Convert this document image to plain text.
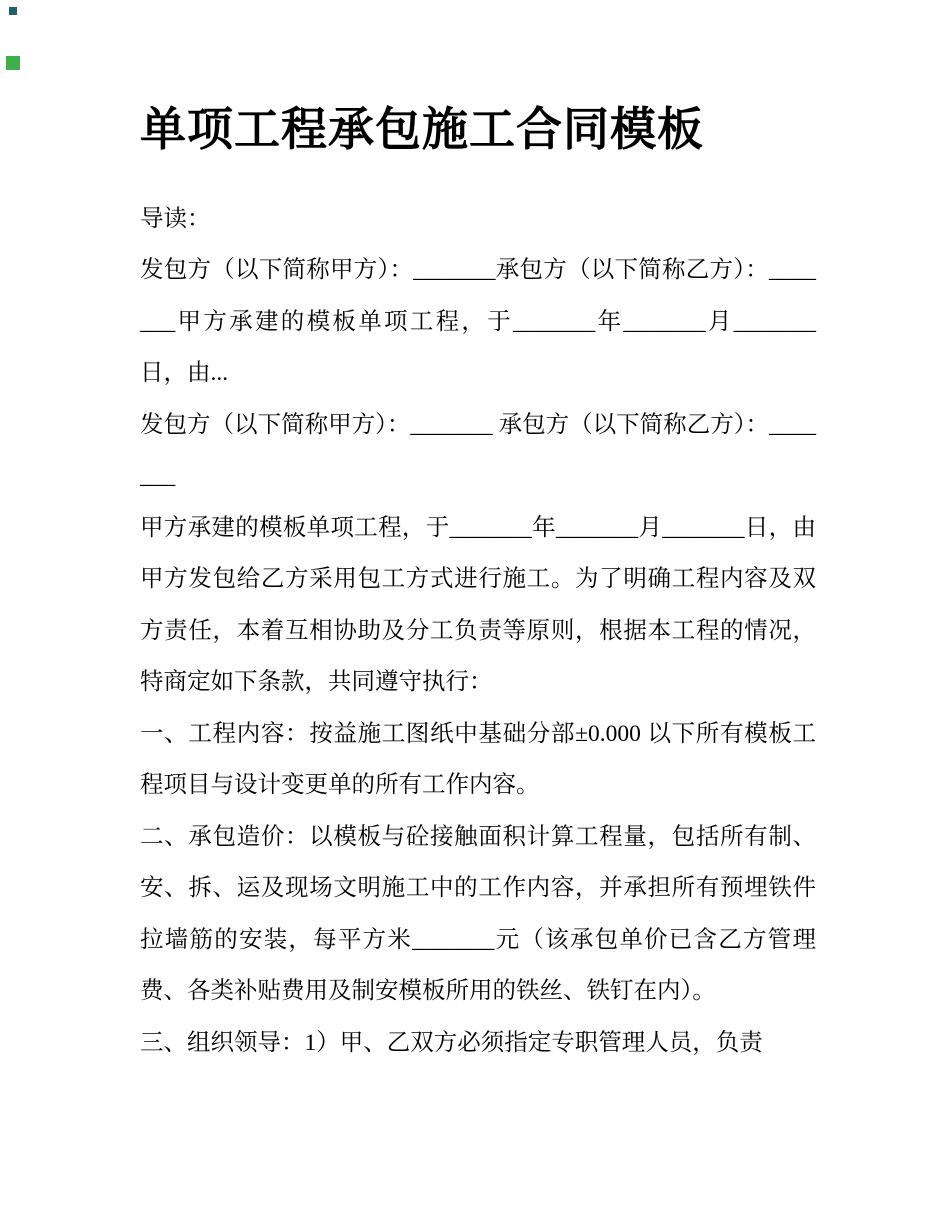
单项工程承包施工合同模板

导读：

发包方（以下简称甲方）：_______承包方（以下简称乙方）：_______甲方承建的模板单项工程，于_______年_______月_______日，由...

发包方（以下简称甲方）：_______ 承包方（以下简称乙方）：_______

甲方承建的模板单项工程，于_______年_______月_______日，由甲方发包给乙方采用包工方式进行施工。为了明确工程内容及双方责任，本着互相协助及分工负责等原则，根据本工程的情况，特商定如下条款，共同遵守执行：

一、工程内容：按益施工图纸中基础分部±0.000 以下所有模板工程项目与设计变更单的所有工作内容。

二、承包造价：以模板与砼接触面积计算工程量，包括所有制、安、拆、运及现场文明施工中的工作内容，并承担所有预埋铁件拉墙筋的安装，每平方米_______元（该承包单价已含乙方管理费、各类补贴费用及制安模板所用的铁丝、铁钉在内）。

三、组织领导：1）甲、乙双方必须指定专职管理人员，负责
